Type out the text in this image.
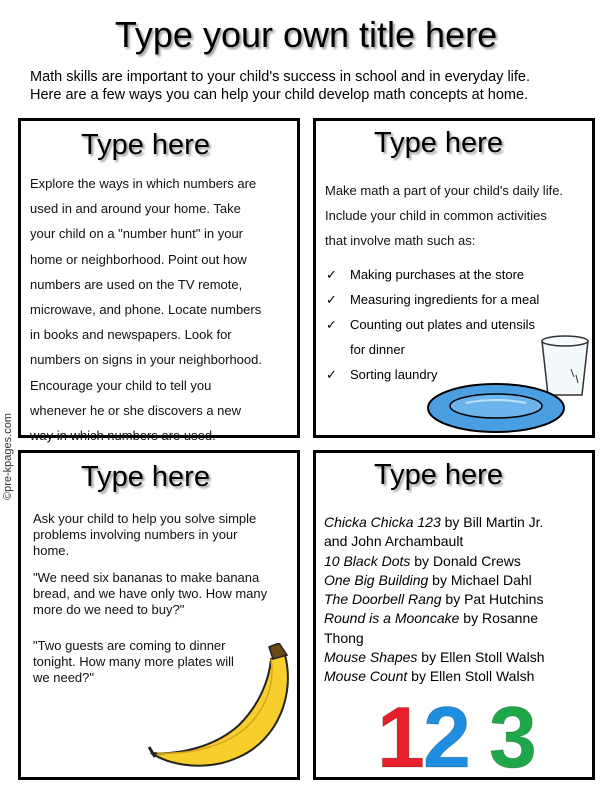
Type your own title here
Math skills are important to your child's success in school and in everyday life.
Here are a few ways you can help your child develop math concepts at home.
©pre-kpages.com
Type here
Explore the ways in which numbers are
used in and around your home. Take
your child on a "number hunt" in your
home or neighborhood. Point out how
numbers are used on the TV remote,
microwave, and phone. Locate numbers
in books and newspapers. Look for
numbers on signs in your neighborhood.
Encourage your child to tell you
whenever he or she discovers a new
way in which numbers are used.
Type here
Make math a part of your child's daily life.
Include your child in common activities
that involve math such as:
✓	Making purchases at the store
✓	Measuring ingredients for a meal
✓	Counting out plates and utensils
for dinner
✓	Sorting laundry
Type here
Ask your child to help you solve simple
problems involving numbers in your
home.
"We need six bananas to make banana
bread, and we have only two. How many
more do we need to buy?"
"Two guests are coming to dinner
tonight. How many more plates will
we need?"
Type here
Chicka Chicka 123 by Bill Martin Jr.
and John Archambault
10 Black Dots by Donald Crews
One Big Building by Michael Dahl
The Doorbell Rang by Pat Hutchins
Round is a Mooncake by Rosanne
Thong
Mouse Shapes by Ellen Stoll Walsh
Mouse Count by Ellen Stoll Walsh
1
2 3
